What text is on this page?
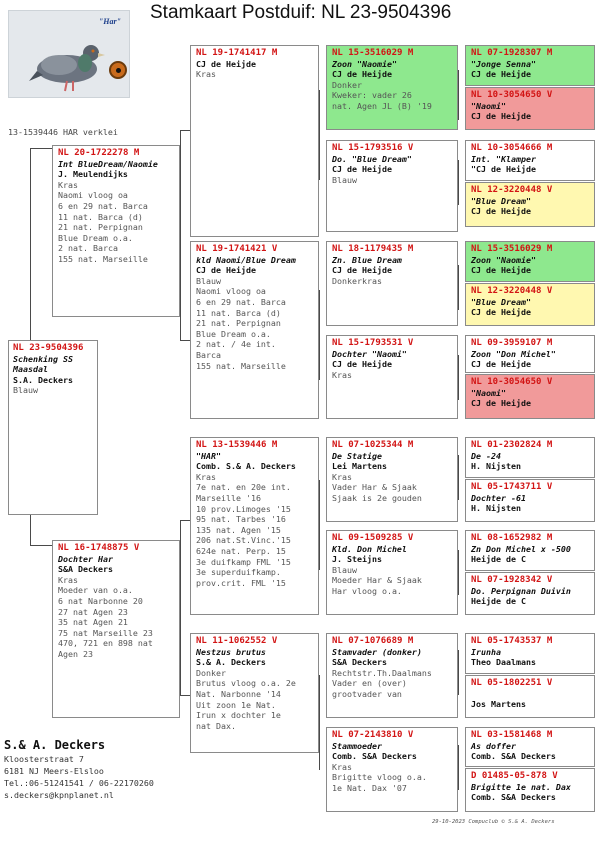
Stamkaart Postduif: NL 23-9504396
"Har"
13-1539446 HAR verklei
NL 23-9504396
Schenking SS Maasdal
S.A. Deckers
Blauw
NL 20-1722278 M
Int BlueDream/Naomie
J. Meulendijks
Kras
Naomi vloog oa
6 en 29 nat. Barca
11 nat. Barca (d)
21 nat. Perpignan
Blue Dream o.a.
2 nat. Barca
155 nat. Marseille
NL 16-1748875 V
Dochter Har
S&A Deckers
Kras
Moeder van o.a.
6 nat Narbonne 20
27 nat Agen 23
35 nat Agen 21
75 nat Marseille 23
470, 721 en 898 nat
Agen 23
NL 19-1741417 M
CJ de Heijde
Kras
NL 19-1741421 V
kld Naomi/Blue Dream
CJ de Heijde
Blauw
Naomi vloog oa
6 en 29 nat. Barca
11 nat. Barca (d)
21 nat. Perpignan
Blue Dream o.a.
2 nat. / 4e int.
Barca
155 nat. Marseille
NL 13-1539446 M
"HAR"
Comb. S.& A. Deckers
Kras
7e nat. en 20e int.
Marseille '16
10 prov.Limoges '15
95 nat. Tarbes '16
135 nat. Agen '15
206 nat.St.Vinc.'15
624e nat. Perp. 15
3e duifkamp FML '15
3e superduifkamp.
prov.crit. FML '15
NL 11-1062552 V
Nestzus brutus
S.& A. Deckers
Donker
Brutus vloog o.a. 2e
Nat. Narbonne '14
Uit zoon 1e Nat.
Irun x dochter 1e
nat Dax.
NL 15-3516029 M
Zoon "Naomie"
CJ de Heijde
Donker
Kweker: vader 26
nat. Agen JL (B) '19
NL 15-1793516 V
Do. "Blue Dream"
CJ de Heijde
Blauw
NL 18-1179435 M
Zn. Blue Dream
CJ de Heijde
Donkerkras
NL 15-1793531 V
Dochter "Naomi"
CJ de Heijde
Kras
NL 07-1025344 M
De Statige
Lei Martens
Kras
Vader Har & Sjaak
Sjaak is 2e gouden
NL 09-1509285 V
Kld. Don Michel
J. Steijns
Blauw
Moeder Har & Sjaak
Har vloog o.a.
NL 07-1076689 M
Stamvader (donker)
S&A Deckers
Rechtstr.Th.Daalmans
Vader en (over)
grootvader van
NL 07-2143810 V
Stammoeder
Comb. S&A Deckers
Kras
Brigitte vloog o.a.
1e Nat. Dax '07
NL 07-1928307 M
"Jonge Senna"
CJ de Heijde
NL 10-3054650 V
"Naomi"
CJ de Heijde
NL 10-3054666 M
Int. "Klamper
"CJ de Heijde
NL 12-3220448 V
"Blue Dream"
CJ de Heijde
NL 15-3516029 M
Zoon "Naomie"
CJ de Heijde
NL 12-3220448 V
"Blue Dream"
CJ de Heijde
NL 09-3959107 M
Zoon "Don Michel"
CJ de Heijde
NL 10-3054650 V
"Naomi"
CJ de Heijde
NL 01-2302824 M
De -24
H. Nijsten
NL 05-1743711 V
Dochter -61
H. Nijsten
NL 08-1652982 M
Zn Don Michel x -500
Heijde de C
NL 07-1928342 V
Do. Perpignan Duivin
Heijde de C
NL 05-1743537 M
Irunha
Theo Daalmans
NL 05-1802251 V
Jos Martens
NL 03-1581468 M
As doffer
Comb. S&A Deckers
D 01485-05-878 V
Brigitte 1e nat. Dax
Comb. S&A Deckers
S.& A. Deckers
Kloosterstraat 7
6181 NJ Meers-Elsloo
Tel.:06-51241541 / 06-22170260
s.deckers@kpnplanet.nl
29-10-2023 Compuclub © S.& A. Deckers
